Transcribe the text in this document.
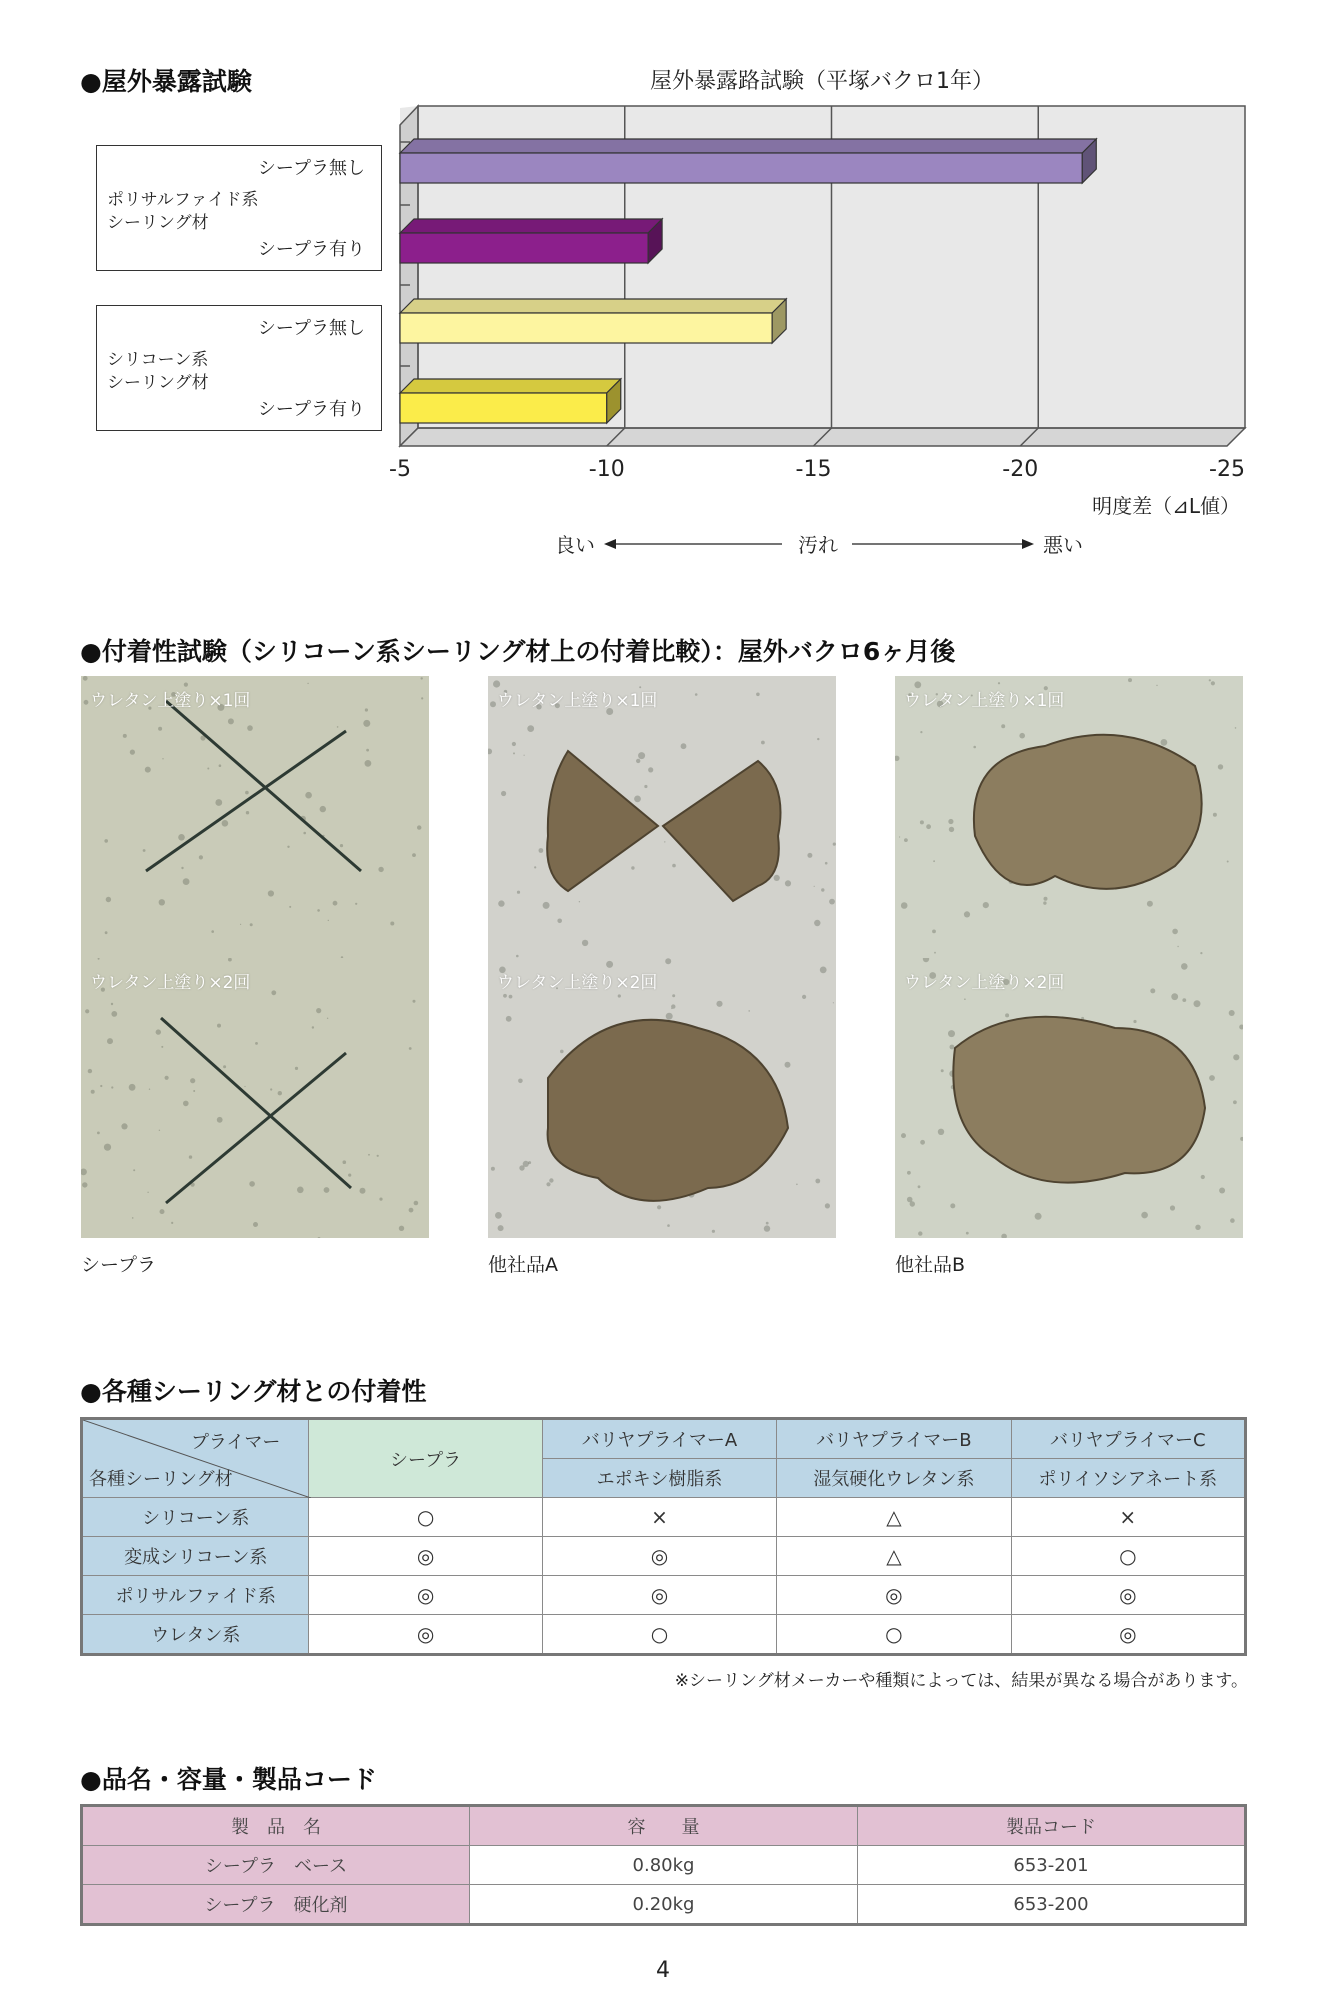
●屋外暴露試験
シープラ無し
ポリサルファイド系
シーリング材
シープラ有り
シープラ無し
シリコーン系
シーリング材
シープラ有り
屋外暴露路試験（平塚バクロ1年）
-5	-10	-15	-20	-25
明度差（⊿L値）
良い	汚れ	悪い
●付着性試験（シリコーン系シーリング材上の付着比較）：屋外バクロ6ヶ月後
ウレタン上塗り×1回
ウレタン上塗り×2回
ウレタン上塗り×1回
ウレタン上塗り×2回
ウレタン上塗り×1回
ウレタン上塗り×2回
シープラ	他社品A	他社品B
●各種シーリング材との付着性
プライマー
各種シーリング材	シープラ	バリヤプライマーA	バリヤプライマーB	バリヤプライマーC
		エポキシ樹脂系	湿気硬化ウレタン系	ポリイソシアネート系
シリコーン系	○	×	△	×
変成シリコーン系	◎	◎	△	○
ポリサルファイド系	◎	◎	◎	◎
ウレタン系	◎	○	○	◎
※シーリング材メーカーや種類によっては、結果が異なる場合があります。
●品名・容量・製品コード
製　品　名	容　　量	製品コード
シープラ　ベース	0.80kg	653-201
シープラ　硬化剤	0.20kg	653-200
4
